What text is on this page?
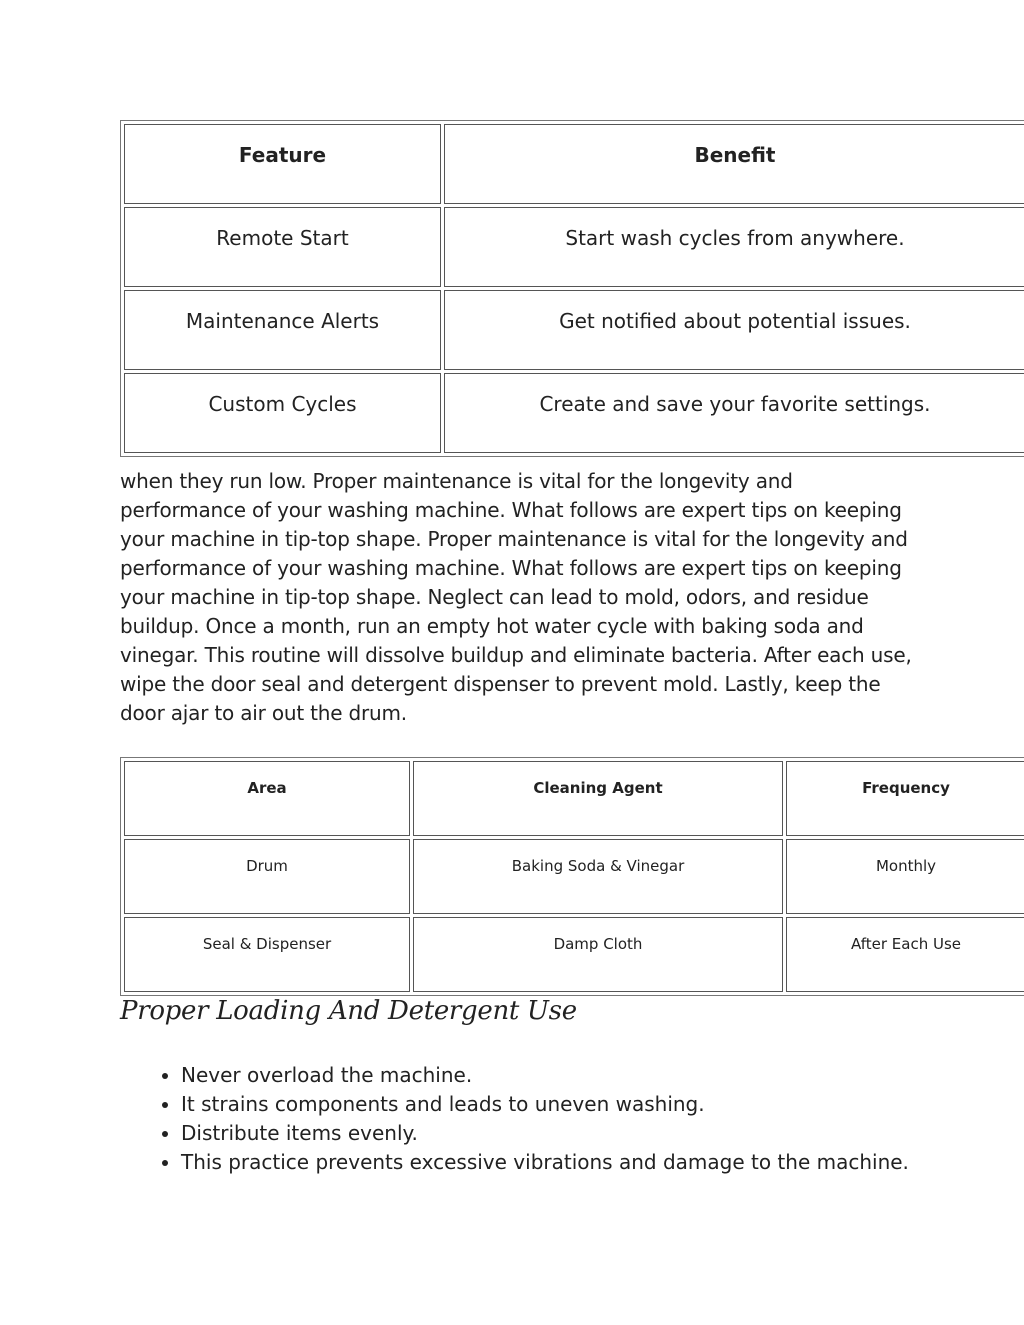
Feature	Benefit
Remote Start	Start wash cycles from anywhere.
Maintenance Alerts	Get notified about potential issues.
Custom Cycles	Create and save your favorite settings.

when they run low. Proper maintenance is vital for the longevity and performance of your washing machine. What follows are expert tips on keeping your machine in tip-top shape. Proper maintenance is vital for the longevity and performance of your washing machine. What follows are expert tips on keeping your machine in tip-top shape. Neglect can lead to mold, odors, and residue buildup. Once a month, run an empty hot water cycle with baking soda and vinegar. This routine will dissolve buildup and eliminate bacteria. After each use, wipe the door seal and detergent dispenser to prevent mold. Lastly, keep the door ajar to air out the drum.

Area	Cleaning Agent	Frequency
Drum	Baking Soda & Vinegar	Monthly
Seal & Dispenser	Damp Cloth	After Each Use
Proper Loading And Detergent Use
• Never overload the machine.
• It strains components and leads to uneven washing.
• Distribute items evenly.
• This practice prevents excessive vibrations and damage to the machine.
